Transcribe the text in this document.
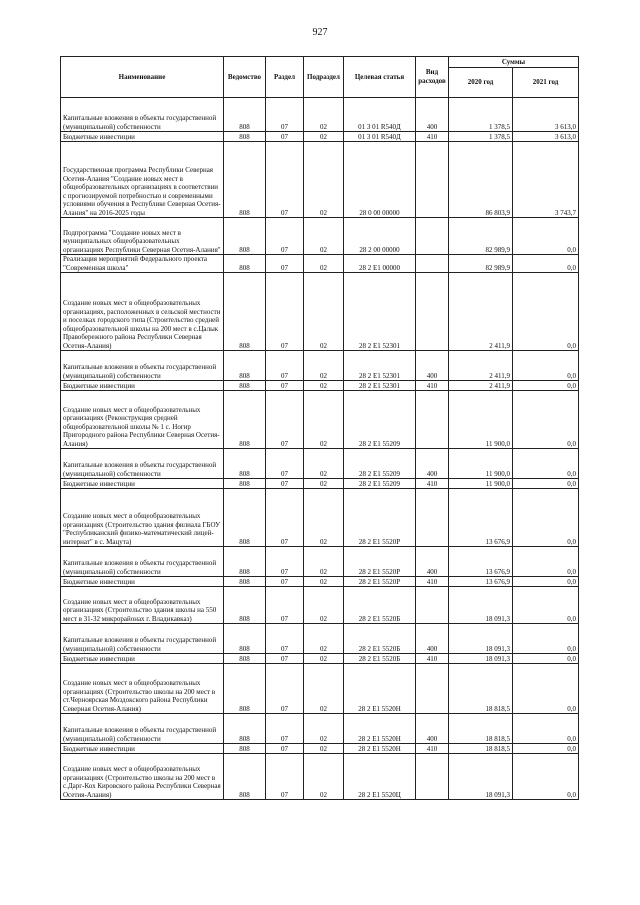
927
Наименование	Ведомство	Раздел	Подраздел	Целевая статья	Вид расходов	Суммы	
						2020 год	2021 год
Капитальные вложения в объекты государственной (муниципальной) собственности	808	07	02	01 3 01 R540Д	400	1 378,5	3 613,0
Бюджетные инвестиции	808	07	02	01 3 01 R540Д	410	1 378,5	3 613,0
Государственная программа Республики Северная Осетия-Алания "Создание новых мест в общеобразовательных организациях в соответствии с прогнозируемой потребностью и современными условиями обучения в Республике Северная Осетия-Алания" на 2016-2025 годы	808	07	02	28 0 00 00000		86 803,9	3 743,7
Подпрограмма "Создание новых мест в муниципальных общеобразовательных организациях Республики Северная Осетия-Алания"	808	07	02	28 2 00 00000		82 989,9	0,0
Реализация мероприятий Федерального проекта "Современная школа"	808	07	02	28 2 E1 00000		82 989,9	0,0
Создание новых мест в общеобразовательных организациях, расположенных в сельской местности и поселках городского типа (Строительство средней общеобразовательной школы на 200 мест в с.Цалык Правобережного района Республики Северная Осетия-Алания)	808	07	02	28 2 E1 52301		2 411,9	0,0
Капитальные вложения в объекты государственной (муниципальной) собственности	808	07	02	28 2 E1 52301	400	2 411,9	0,0
Бюджетные инвестиции	808	07	02	28 2 E1 52301	410	2 411,9	0,0
Создание новых мест в общеобразовательных организациях (Реконструкция средней общеобразовательной школы № 1 с. Ногир Пригородного района Республики Северная Осетия-Алания)	808	07	02	28 2 E1 55209		11 900,0	0,0
Капитальные вложения в объекты государственной (муниципальной) собственности	808	07	02	28 2 E1 55209	400	11 900,0	0,0
Бюджетные инвестиции	808	07	02	28 2 E1 55209	410	11 900,0	0,0
Создание новых мест в общеобразовательных организациях (Строительство здания филиала ГБОУ "Республиканский физико-математический лицей-интернат" в с. Мацута)	808	07	02	28 2 E1 5520Р		13 676,9	0,0
Капитальные вложения в объекты государственной (муниципальной) собственности	808	07	02	28 2 E1 5520Р	400	13 676,9	0,0
Бюджетные инвестиции	808	07	02	28 2 E1 5520Р	410	13 676,9	0,0
Создание новых мест в общеобразовательных организациях (Строительство здания школы на 550 мест в 31-32 микрорайонах г. Владикавказ)	808	07	02	28 2 E1 5520Б		18 091,3	0,0
Капитальные вложения в объекты государственной (муниципальной) собственности	808	07	02	28 2 E1 5520Б	400	18 091,3	0,0
Бюджетные инвестиции	808	07	02	28 2 E1 5520Б	410	18 091,3	0,0
Создание новых мест в общеобразовательных организациях (Строительство школы на 200 мест в ст.Черноярская Моздокского района Республики Северная Осетия-Алания)	808	07	02	28 2 E1 5520Н		18 818,5	0,0
Капитальные вложения в объекты государственной (муниципальной) собственности	808	07	02	28 2 E1 5520Н	400	18 818,5	0,0
Бюджетные инвестиции	808	07	02	28 2 E1 5520Н	410	18 818,5	0,0
Создание новых мест в общеобразовательных организациях (Строительство школы на 200 мест в с.Дарг-Кох Кировского района Республики Северная Осетия-Алания)	808	07	02	28 2 E1 5520Ц		18 091,3	0,0
